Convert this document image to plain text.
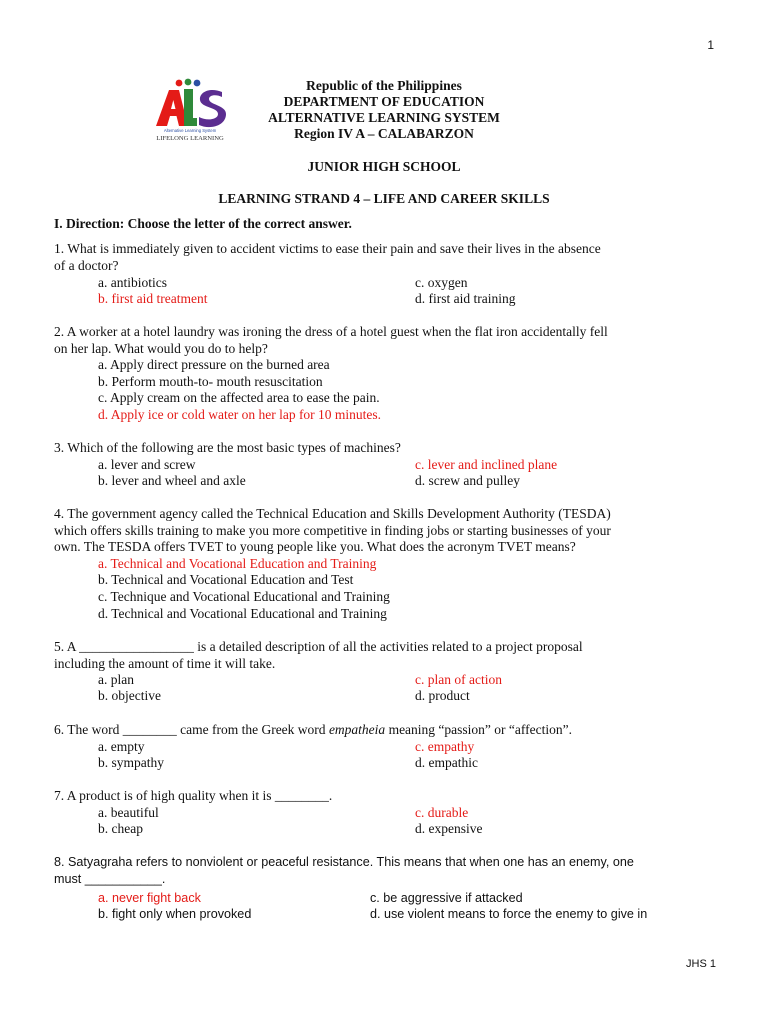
1
Alternative Learning System
LIFELONG LEARNING
Republic of the Philippines
DEPARTMENT OF EDUCATION
ALTERNATIVE LEARNING SYSTEM
Region IV A – CALABARZON
JUNIOR HIGH SCHOOL
LEARNING STRAND 4 – LIFE AND CAREER SKILLS
I. Direction: Choose the letter of the correct answer.
1. What is immediately given to accident victims to ease their pain and save their lives in the absence
of a doctor?
a. antibiotics	c. oxygen
b. first aid treatment	d. first aid training
2. A worker at a hotel laundry was ironing the dress of a hotel guest when the flat iron accidentally fell
on her lap. What would you do to help?
a. Apply direct pressure on the burned area
b. Perform mouth-to- mouth resuscitation
c. Apply cream on the affected area to ease the pain.
d. Apply ice or cold water on her lap for 10 minutes.
3. Which of the following are the most basic types of machines?
a. lever and screw	c. lever and inclined plane
b. lever and wheel and axle	d. screw and pulley
4. The government agency called the Technical Education and Skills Development Authority (TESDA)
which offers skills training to make you more competitive in finding jobs or starting businesses of your
own. The TESDA offers TVET to young people like you. What does the acronym TVET means?
a. Technical and Vocational Education and Training
b. Technical and Vocational Education and Test
c. Technique and Vocational Educational and Training
d. Technical and Vocational Educational and Training
5. A _________________ is a detailed description of all the activities related to a project proposal
including the amount of time it will take.
a. plan	c. plan of action
b. objective	d. product
6. The word ________ came from the Greek word empatheia meaning “passion” or “affection”.
a. empty	c. empathy
b. sympathy	d. empathic
7. A product is of high quality when it is ________.
a. beautiful	c. durable
b. cheap	d. expensive
8. Satyagraha refers to nonviolent or peaceful resistance. This means that when one has an enemy, one
must ___________.
a. never fight back	c. be aggressive if attacked
b. fight only when provoked	d. use violent means to force the enemy to give in
JHS 1
